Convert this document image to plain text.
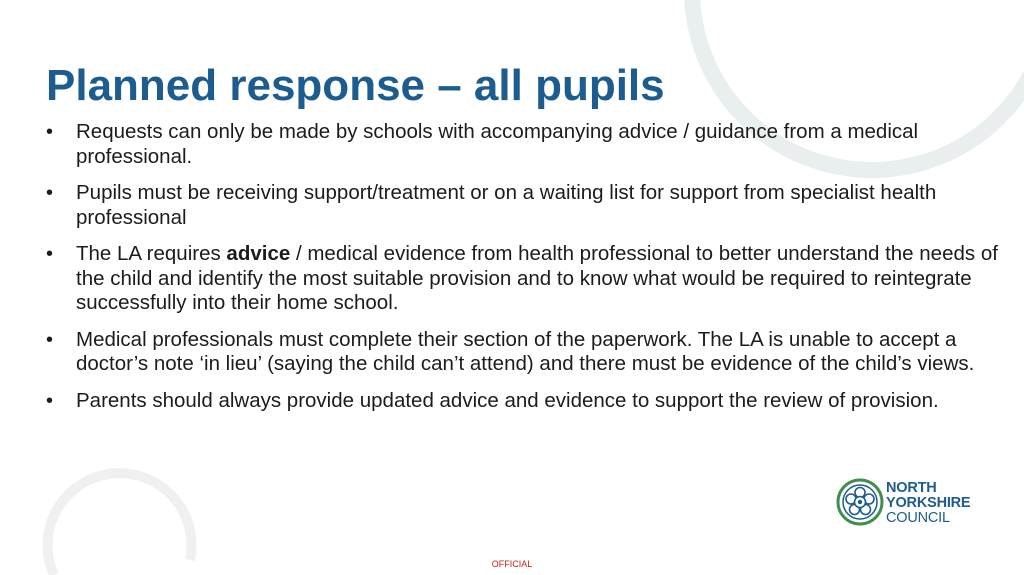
Planned response – all pupils
• Requests can only be made by schools with accompanying advice / guidance from a medical professional.
• Pupils must be receiving support/treatment or on a waiting list for support from specialist health professional
• The LA requires advice / medical evidence from health professional to better understand the needs of the child and identify the most suitable provision and to know what would be required to reintegrate successfully into their home school.
• Medical professionals must complete their section of the paperwork. The LA is unable to accept a doctor’s note ‘in lieu’ (saying the child can’t attend) and there must be evidence of the child’s views.
• Parents should always provide updated advice and evidence to support the review of provision.
NORTH
YORKSHIRE
COUNCIL
OFFICIAL
